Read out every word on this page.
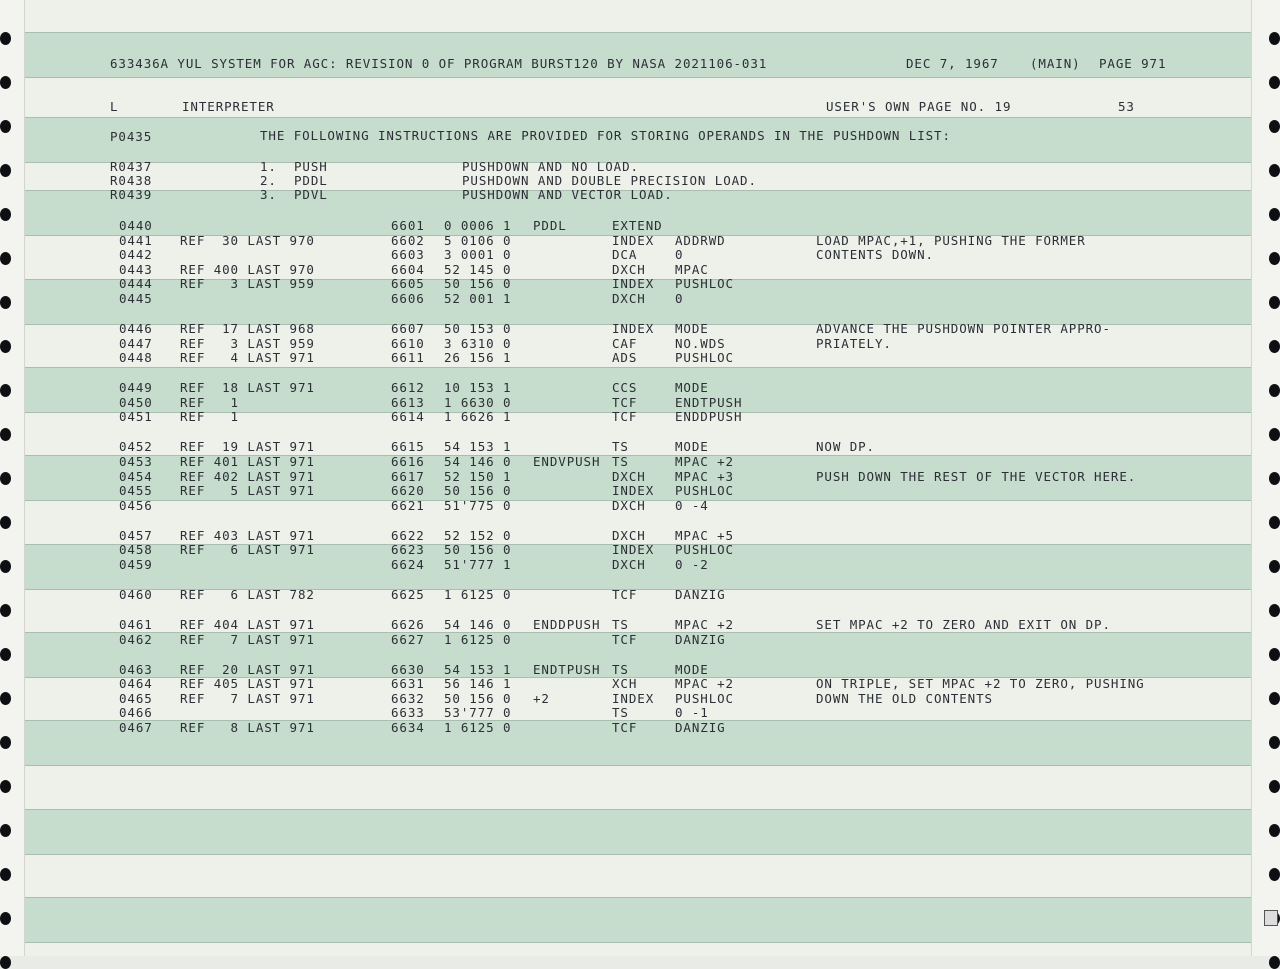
633436A YUL SYSTEM FOR AGC: REVISION 0 OF PROGRAM BURST120 BY NASA 2021106-031	DEC 7, 1967	(MAIN) PAGE 971
L	INTERPRETER	USER'S OWN PAGE NO. 19	53
P0435	THE FOLLOWING INSTRUCTIONS ARE PROVIDED FOR STORING OPERANDS IN THE PUSHDOWN LIST:
R0437	1. PUSH	PUSHDOWN AND NO LOAD.
R0438	2. PDDL	PUSHDOWN AND DOUBLE PRECISION LOAD.
R0439	3. PDVL	PUSHDOWN AND VECTOR LOAD.
0440	6601 0 0006 1 PDDL	EXTEND
0441 REF  30 LAST 970	6602 5 0106 0	INDEX ADDRWD	LOAD MPAC,+1, PUSHING THE FORMER
0442	6603 3 0001 0	DCA	0	CONTENTS DOWN.
0443 REF 400 LAST 970	6604 52 145 0	DXCH MPAC
0444 REF   3 LAST 959	6605 50 156 0	INDEX PUSHLOC
0445	6606 52 001 1	DXCH 0
0446 REF  17 LAST 968	6607 50 153 0	INDEX MODE	ADVANCE THE PUSHDOWN POINTER APPRO-
0447 REF   3 LAST 959	6610 3 6310 0	CAF	NO.WDS	PRIATELY.
0448 REF   4 LAST 971	6611 26 156 1	ADS	PUSHLOC
0449 REF  18 LAST 971	6612 10 153 1	CCS	MODE
0450 REF   1	6613 1 6630 0	TCF	ENDTPUSH
0451 REF   1	6614 1 6626 1	TCF	ENDDPUSH
0452 REF  19 LAST 971	6615 54 153 1	TS	MODE	NOW DP.
0453 REF 401 LAST 971	6616 54 146 0 ENDVPUSH TS	MPAC +2
0454 REF 402 LAST 971	6617 52 150 1	DXCH MPAC +3	PUSH DOWN THE REST OF THE VECTOR HERE.
0455 REF   5 LAST 971	6620 50 156 0	INDEX PUSHLOC
0456	6621 51'775 0	DXCH 0 -4
0457 REF 403 LAST 971	6622 52 152 0	DXCH MPAC +5
0458 REF   6 LAST 971	6623 50 156 0	INDEX PUSHLOC
0459	6624 51'777 1	DXCH 0 -2
0460 REF   6 LAST 782	6625 1 6125 0	TCF	DANZIG
0461 REF 404 LAST 971	6626 54 146 0 ENDDPUSH TS	MPAC +2	SET MPAC +2 TO ZERO AND EXIT ON DP.
0462 REF   7 LAST 971	6627 1 6125 0	TCF	DANZIG
0463 REF  20 LAST 971	6630 54 153 1 ENDTPUSH TS	MODE
0464 REF 405 LAST 971	6631 56 146 1	XCH	MPAC +2	ON TRIPLE, SET MPAC +2 TO ZERO, PUSHING
0465 REF   7 LAST 971	6632 50 156 0 +2	INDEX PUSHLOC	DOWN THE OLD CONTENTS
0466	6633 53'777 0	TS	0 -1
0467 REF   8 LAST 971	6634 1 6125 0	TCF	DANZIG
